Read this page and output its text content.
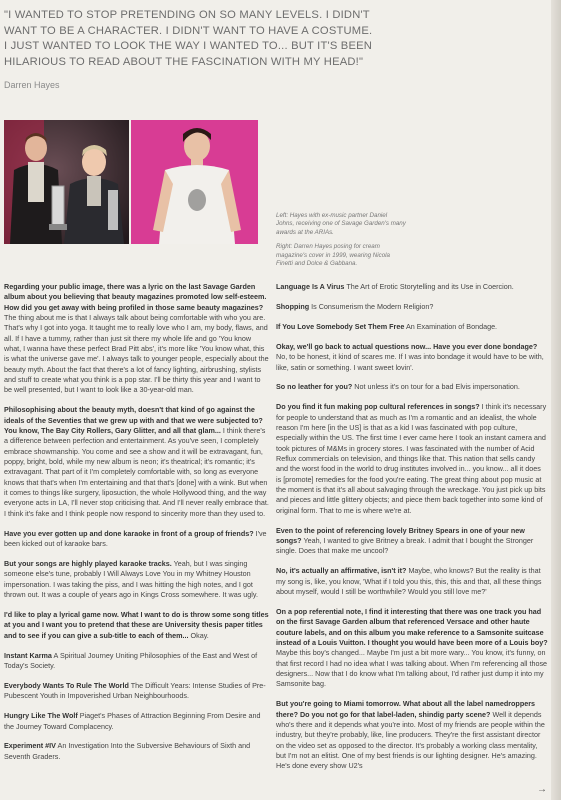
"I WANTED TO STOP PRETENDING ON SO MANY LEVELS. I DIDN'T
WANT TO BE A CHARACTER. I DIDN'T WANT TO HAVE A COSTUME.
I JUST WANTED TO LOOK THE WAY I WANTED TO... BUT IT'S BEEN
HILARIOUS TO READ ABOUT THE FASCINATION WITH MY HEAD!"
Darren Hayes

Left: Hayes with ex-music partner Daniel Johns, receiving one of Savage Garden's many awards at the ARIAs.

Right: Darren Hayes posing for cream magazine's cover in 1999, wearing Nicola Finetti and Dolce & Gabbana.

Regarding your public image, there was a lyric on the last Savage Garden album about you believing that beauty magazines promoted low self-esteem. How did you get away with being profiled in those same beauty magazines? The thing about me is that I always talk about being comfortable with who you are. That's why I got into yoga. It taught me to really love who I am, my body, flaws, and all. If I have a tummy, rather than just sit there my whole life and go 'You know what, I wanna have these perfect Brad Pitt abs', it's more like 'You know what, this is what the universe gave me'. I always talk to younger people, especially about the beauty myth. About the fact that there's a lot of fancy lighting, airbrushing, stylists and stuff to create what you think is a pop star. I'll be thirty this year and I want to be well presented, but I want to look like a 30-year-old man.

Philosophising about the beauty myth, doesn't that kind of go against the ideals of the Seventies that we grew up with and that we were subjected to? You know, The Bay City Rollers, Gary Glitter, and all that glam... I think there's a difference between perfection and entertainment. As you've seen, I completely embrace showmanship. You come and see a show and it will be extravagant, fun, poppy, bright, bold, while my new album is neon; it's theatrical; it's romantic; it's extravagant. That part of it I'm completely comfortable with, so long as everyone knows that that's when I'm entertaining and that that's [done] with a wink. But when it comes to things like surgery, liposuction, the whole Hollywood thing, and the way everyone acts in LA, I'll never stop criticising that. And I'll never really embrace that. I think it's fake and I think people now respond to sincerity more than they used to.

Have you ever gotten up and done karaoke in front of a group of friends? I've been kicked out of karaoke bars.

But your songs are highly played karaoke tracks. Yeah, but I was singing someone else's tune, probably I Will Always Love You in my Whitney Houston impersonation. I was taking the piss, and I was hitting the high notes, and I got thrown out. It was a couple of years ago in Kings Cross somewhere. It was ugly.

I'd like to play a lyrical game now. What I want to do is throw some song titles at you and I want you to pretend that these are University thesis paper titles and to see if you can give a sub-title to each of them... Okay.

Instant Karma A Spiritual Journey Uniting Philosophies of the East and West of Today's Society.

Everybody Wants To Rule The World The Difficult Years: Intense Studies of Pre-Pubescent Youth in Impoverished Urban Neighbourhoods.

Hungry Like The Wolf Piaget's Phases of Attraction Beginning From Desire and the Journey Toward Complacency.

Experiment #IV An Investigation Into the Subversive Behaviours of Sixth and Seventh Graders.

Language Is A Virus The Art of Erotic Storytelling and its Use in Coercion.

Shopping Is Consumerism the Modern Religion?

If You Love Somebody Set Them Free An Examination of Bondage.

Okay, we'll go back to actual questions now... Have you ever done bondage? No, to be honest, it kind of scares me. If I was into bondage it would have to be with, like, satin or something. I want sweet lovin'.

So no leather for you? Not unless it's on tour for a bad Elvis impersonation.

Do you find it fun making pop cultural references in songs? I think it's necessary for people to understand that as much as I'm a romantic and an idealist, the whole reason I'm here [in the US] is that as a kid I was fascinated with pop culture, especially within the US. The first time I ever came here I took an instant camera and took pictures of M&Ms in grocery stores. I was fascinated with the number of Acid Reflux commercials on television, and things like that. This nation that sells candy and the worst food in the world to drug institutes involved in... you know... all it does is [promote] remedies for the food you're eating. The great thing about pop music at the moment is that it's all about salvaging through the wreckage. You just pick up bits and pieces and little glittery objects; and piece them back together into some kind of original form. That to me is where we're at.

Even to the point of referencing lovely Britney Spears in one of your new songs? Yeah, I wanted to give Britney a break. I admit that I bought the Stronger single. Does that make me uncool?

No, it's actually an affirmative, isn't it? Maybe, who knows? But the reality is that my song is, like, you know, 'What if I told you this, this, this and that, all these things about myself, would I still be worthwhile? Would you still love me?'

On a pop referential note, I find it interesting that there was one track you had on the first Savage Garden album that referenced Versace and other haute couture labels, and on this album you make reference to a Samsonite suitcase instead of a Louis Vuitton. I thought you would have been more of a Louis boy? Maybe this boy's changed... Maybe I'm just a bit more wary... You know, it's funny, on that first record I had no idea what I was talking about. When I'm referencing all those designers... Now that I do know what I'm talking about, I'd rather just dump it into my Samsonite bag.

But you're going to Miami tomorrow. What about all the label namedroppers there? Do you not go for that label-laden, shindig party scene? Well it depends who's there and it depends what you're into. Most of my friends are people within the industry, but they're probably, like, line producers. They're the first assistant director on the video set as opposed to the director. It's probably a working class mentality, but I'm not an elitist. One of my best friends is our lighting designer. He's amazing. He's done every show U2's

→
